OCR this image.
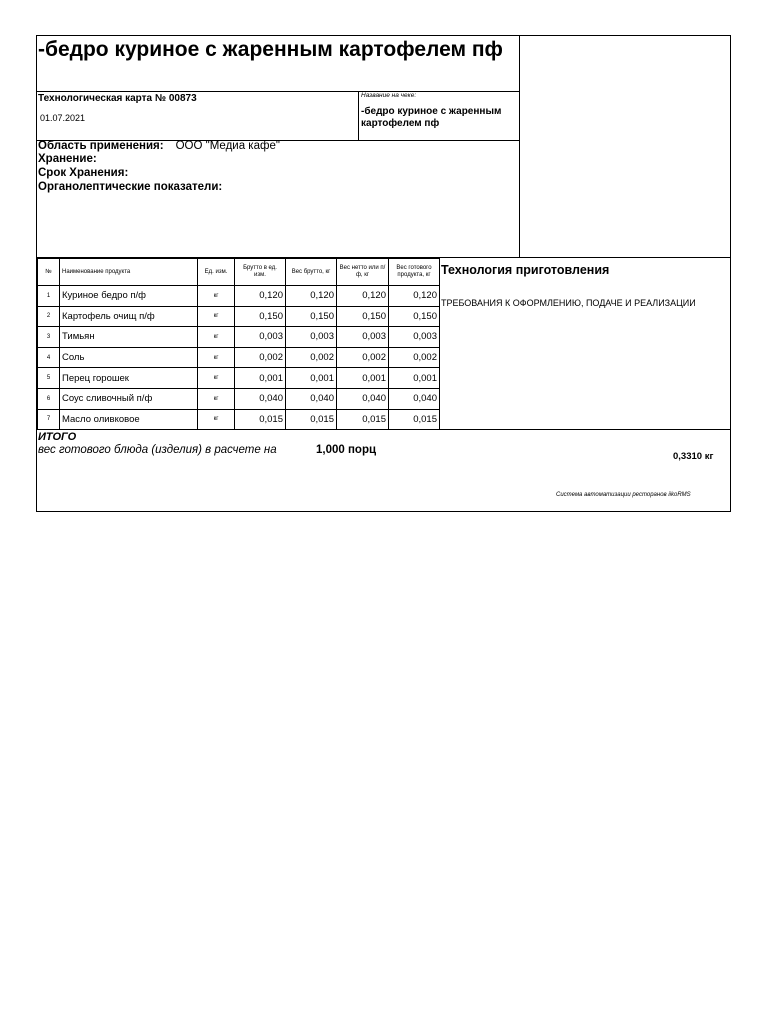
-бедро куриное с жаренным картофелем пф
Технологическая карта № 00873
01.07.2021
Название на чеке:
-бедро куриное с жаренным картофелем пф
Область применения: ООО "Медиа кафе"
Хранение:
Срок Хранения:
Органолептические показатели:
№	Наименование продукта	Ед. изм.	Брутто в ед. изм.	Вес брутто, кг	Вес нетто или п/ф, кг	Вес готового продукта, кг
1	Куриное бедро п/ф	кг	0,120	0,120	0,120	0,120
2	Картофель очищ п/ф	кг	0,150	0,150	0,150	0,150
3	Тимьян	кг	0,003	0,003	0,003	0,003
4	Соль	кг	0,002	0,002	0,002	0,002
5	Перец горошек	кг	0,001	0,001	0,001	0,001
6	Соус сливочный п/ф	кг	0,040	0,040	0,040	0,040
7	Масло оливковое	кг	0,015	0,015	0,015	0,015
Технология приготовления
ТРЕБОВАНИЯ К ОФОРМЛЕНИЮ, ПОДАЧЕ И РЕАЛИЗАЦИИ
ИТОГО
вес готового блюда (изделия) в расчете на	1,000 порц
0,3310 кг
Система автоматизации ресторанов iikoRMS
